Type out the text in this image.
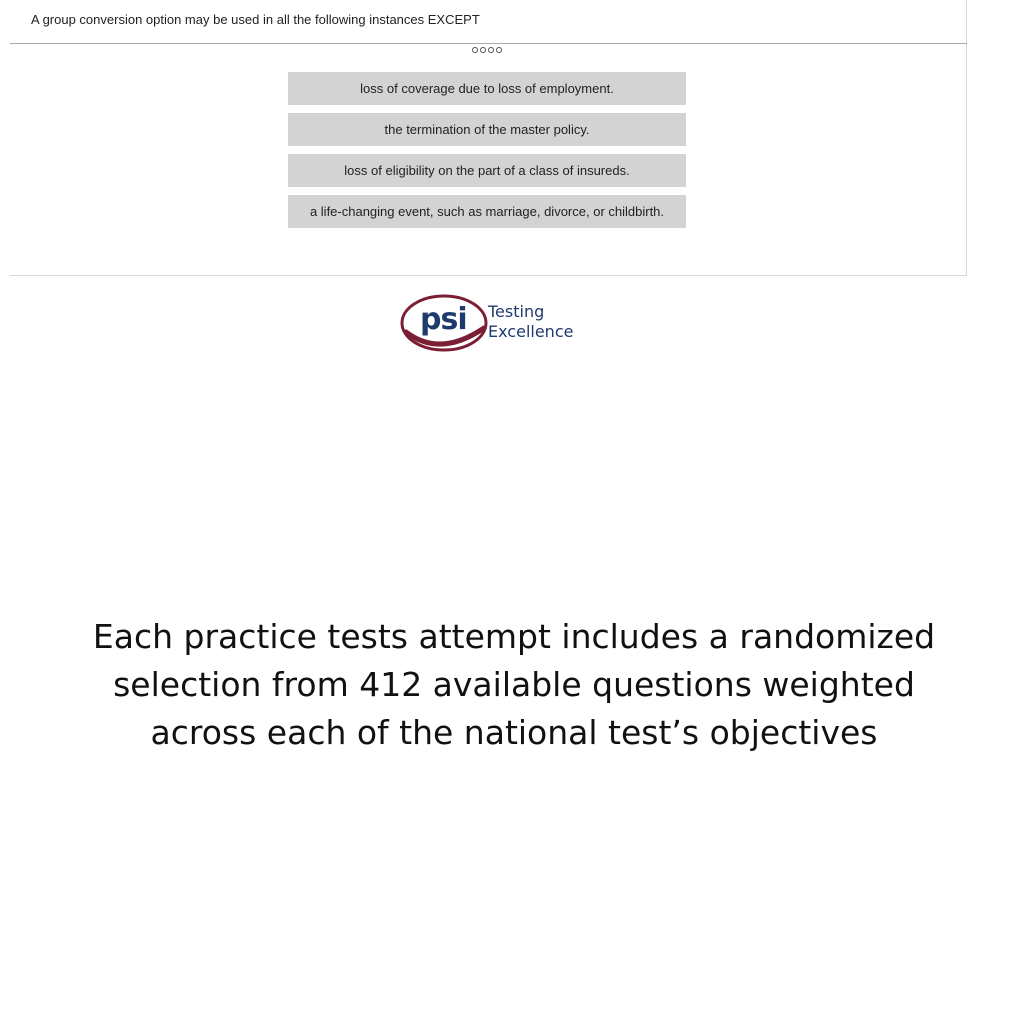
A group conversion option may be used in all the following instances EXCEPT
loss of coverage due to loss of employment.
the termination of the master policy.
loss of eligibility on the part of a class of insureds.
a life-changing event, such as marriage, divorce, or childbirth.
psi Testing
Excellence
Each practice tests attempt includes a randomized
selection from 412 available questions weighted
across each of the national test’s objectives
